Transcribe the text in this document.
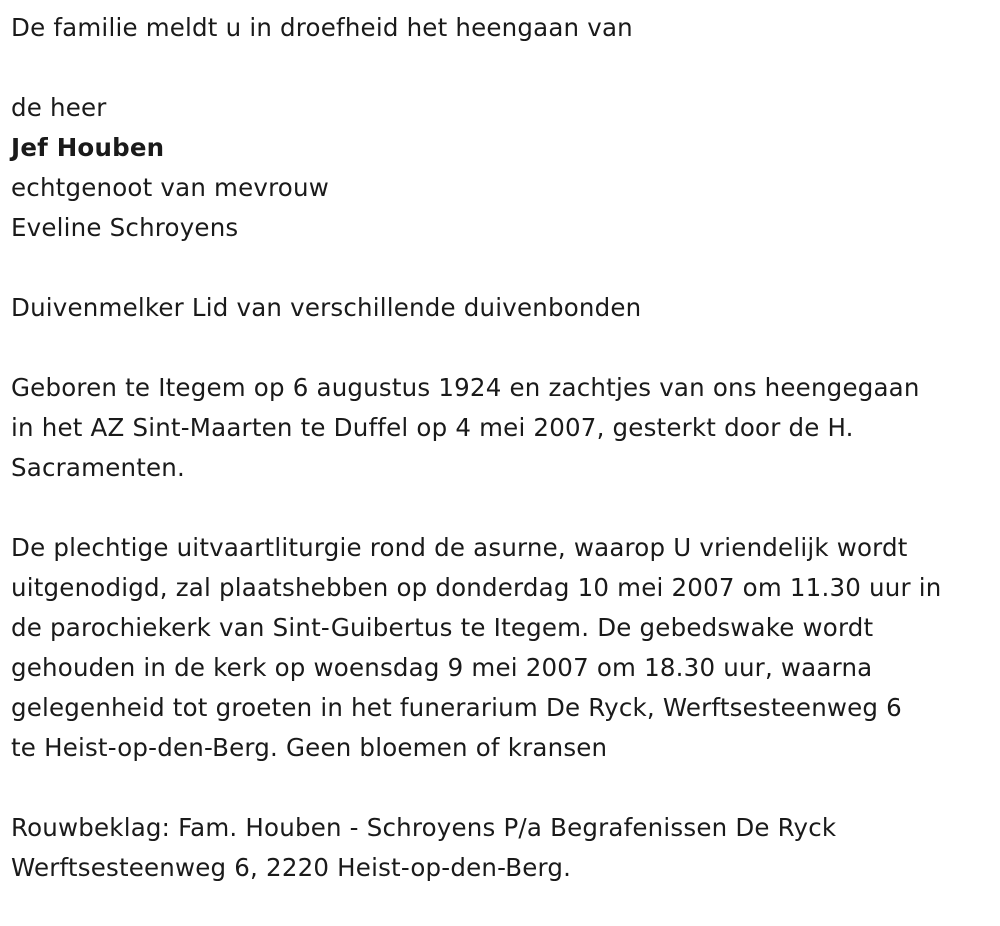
De familie meldt u in droefheid het heengaan van
de heer
Jef Houben
echtgenoot van mevrouw
Eveline Schroyens
Duivenmelker Lid van verschillende duivenbonden
Geboren te Itegem op 6 augustus 1924 en zachtjes van ons heengegaan
in het AZ Sint-Maarten te Duffel op 4 mei 2007, gesterkt door de H.
Sacramenten.
De plechtige uitvaartliturgie rond de asurne, waarop U vriendelijk wordt
uitgenodigd, zal plaatshebben op donderdag 10 mei 2007 om 11.30 uur in
de parochiekerk van Sint-Guibertus te Itegem. De gebedswake wordt
gehouden in de kerk op woensdag 9 mei 2007 om 18.30 uur, waarna
gelegenheid tot groeten in het funerarium De Ryck, Werftsesteenweg 6
te Heist-op-den-Berg. Geen bloemen of kransen
Rouwbeklag: Fam. Houben - Schroyens P/a Begrafenissen De Ryck
Werftsesteenweg 6, 2220 Heist-op-den-Berg.
